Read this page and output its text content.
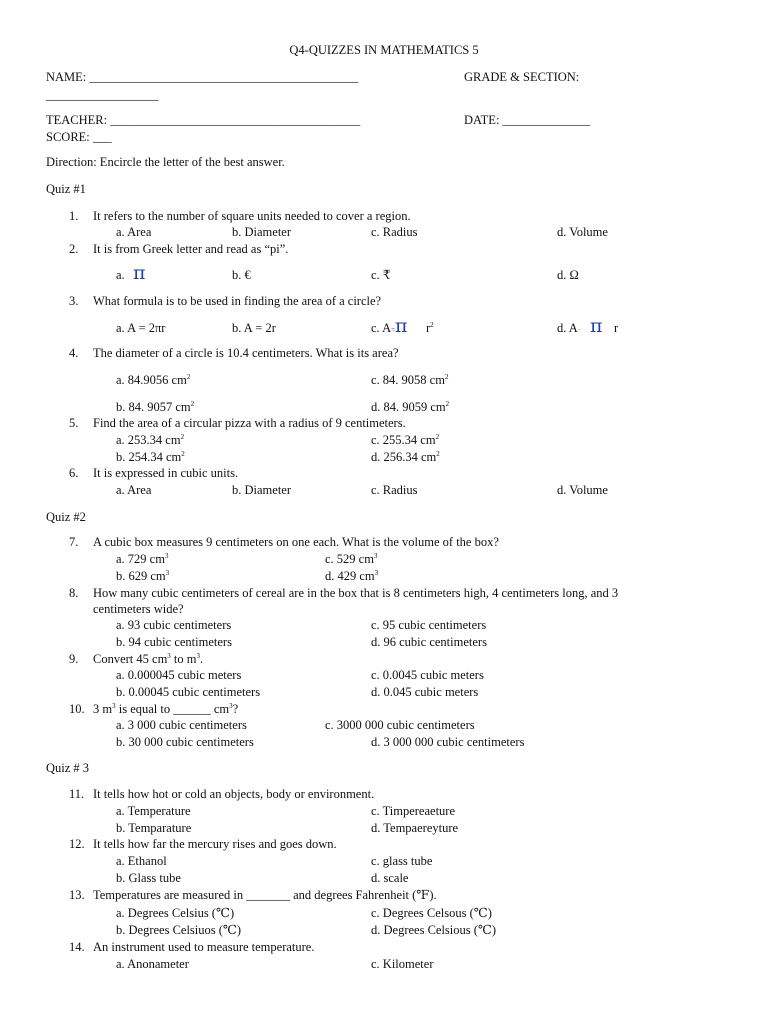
Q4-QUIZZES IN MATHEMATICS 5
NAME: ___________________________________________	GRADE & SECTION:
__________________
TEACHER: ________________________________________	DATE: ______________
SCORE: ___
Direction: Encircle the letter of the best answer.
Quiz #1
1. It refers to the number of square units needed to cover a region.
a. Area	b. Diameter	c. Radius	d. Volume
2. It is from Greek letter and read as “pi”.
a. π	b. €	c. ₹	d. Ω
3. What formula is to be used in finding the area of a circle?
a. A = 2πr	b. A = 2r	c. A= π $r^2$	d. A· π r
4. The diameter of a circle is 10.4 centimeters. What is its area?
a. 84.9056 $cm^2$	c. 84. 9058 $cm^2$
b. 84. 9057 $cm^2$	d. 84. 9059 $cm^2$
5. Find the area of a circular pizza with a radius of 9 centimeters.
a. 253.34 $cm^2$	c. 255.34 $cm^2$
b. 254.34 $cm^2$	d. 256.34 $cm^2$
6. It is expressed in cubic units.
a. Area	b. Diameter	c. Radius	d. Volume
Quiz #2
7. A cubic box measures 9 centimeters on one each. What is the volume of the box?
a. 729 $cm^3$	c. 529 $cm^3$
b. 629 $cm^3$	d. 429 $cm^3$
8. How many cubic centimeters of cereal are in the box that is 8 centimeters high, 4 centimeters long, and 3
centimeters wide?
a. 93 cubic centimeters	c. 95 cubic centimeters
b. 94 cubic centimeters	d. 96 cubic centimeters
9. Convert 45 $cm^3$ to $m^3$.
a. 0.000045 cubic meters	c. 0.0045 cubic meters
b. 0.00045 cubic centimeters	d. 0.045 cubic meters
10. 3 $m^3$ is equal to ______ $cm^3$?
a. 3 000 cubic centimeters	c. 3000 000 cubic centimeters
b. 30 000 cubic centimeters	d. 3 000 000 cubic centimeters
Quiz # 3
11. It tells how hot or cold an objects, body or environment.
a. Temperature	c. Timpereaeture
b. Temparature	d. Tempaereyture
12. It tells how far the mercury rises and goes down.
a. Ethanol	c. glass tube
b. Glass tube	d. scale
13. Temperatures are measured in _______ and degrees Fahrenheit (℉).
a. Degrees Celsius (℃)	c. Degrees Celsous (℃)
b. Degrees Celsiuos (℃)	d. Degrees Celsious (℃)
14. An instrument used to measure temperature.
a. Anonameter	c. Kilometer
